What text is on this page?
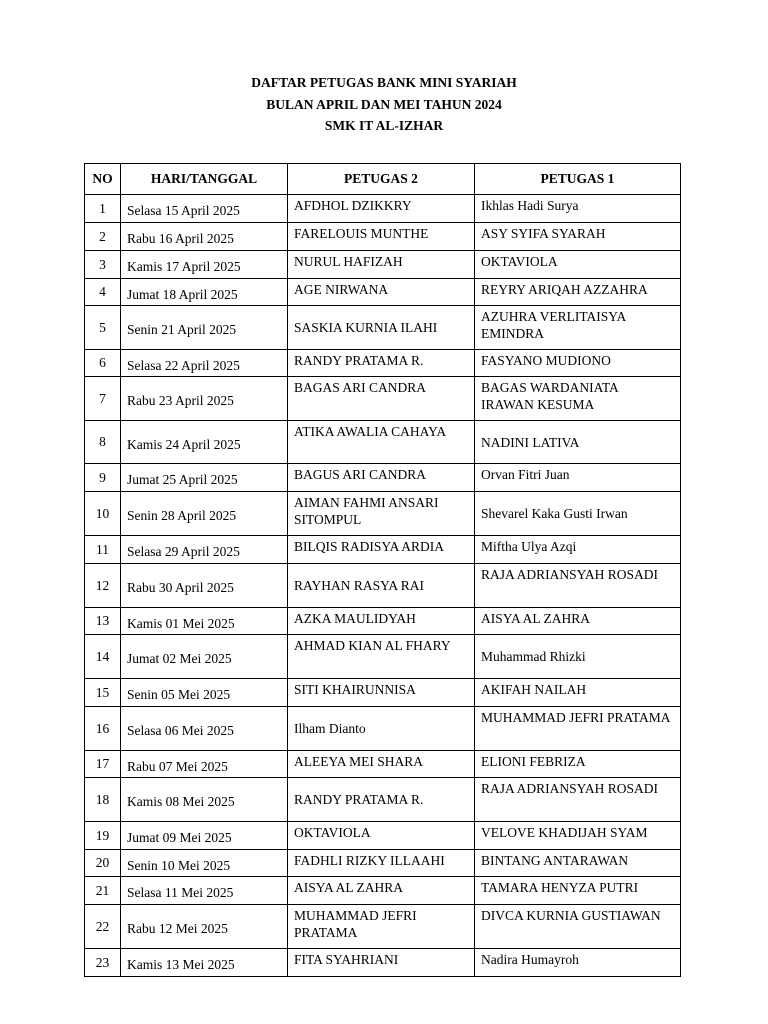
DAFTAR PETUGAS BANK MINI SYARIAH
BULAN APRIL DAN MEI TAHUN 2024
SMK IT AL-IZHAR
NO	HARI/TANGGAL	PETUGAS 2	PETUGAS 1
1	Selasa 15 April 2025	AFDHOL DZIKKRY	Ikhlas Hadi Surya
2	Rabu 16 April 2025	FARELOUIS MUNTHE	ASY SYIFA SYARAH
3	Kamis 17 April 2025	NURUL HAFIZAH	OKTAVIOLA
4	Jumat 18 April 2025	AGE NIRWANA	REYRY ARIQAH AZZAHRA
5	Senin 21 April 2025	SASKIA KURNIA ILAHI	AZUHRA VERLITAISYA EMINDRA
6	Selasa 22 April 2025	RANDY PRATAMA R.	FASYANO MUDIONO
7	Rabu 23 April 2025	BAGAS ARI CANDRA	BAGAS WARDANIATA IRAWAN KESUMA
8	Kamis 24 April 2025	ATIKA AWALIA CAHAYA	NADINI LATIVA
9	Jumat 25 April 2025	BAGUS ARI CANDRA	Orvan Fitri Juan
10	Senin 28 April 2025	AIMAN FAHMI ANSARI SITOMPUL	Shevarel Kaka Gusti Irwan
11	Selasa 29 April 2025	BILQIS RADISYA ARDIA	Miftha Ulya Azqi
12	Rabu 30 April 2025	RAYHAN RASYA RAI	RAJA ADRIANSYAH ROSADI
13	Kamis 01 Mei 2025	AZKA MAULIDYAH	AISYA AL ZAHRA
14	Jumat 02 Mei 2025	AHMAD KIAN AL FHARY	Muhammad Rhizki
15	Senin 05 Mei 2025	SITI KHAIRUNNISA	AKIFAH NAILAH
16	Selasa 06 Mei 2025	Ilham Dianto	MUHAMMAD JEFRI PRATAMA
17	Rabu 07 Mei 2025	ALEEYA MEI SHARA	ELIONI FEBRIZA
18	Kamis 08 Mei 2025	RANDY PRATAMA R.	RAJA ADRIANSYAH ROSADI
19	Jumat 09 Mei 2025	OKTAVIOLA	VELOVE KHADIJAH SYAM
20	Senin 10 Mei 2025	FADHLI RIZKY ILLAAHI	BINTANG ANTARAWAN
21	Selasa 11 Mei 2025	AISYA AL ZAHRA	TAMARA HENYZA PUTRI
22	Rabu 12 Mei 2025	MUHAMMAD JEFRI PRATAMA	DIVCA KURNIA GUSTIAWAN
23	Kamis 13 Mei 2025	FITA SYAHRIANI	Nadira Humayroh
